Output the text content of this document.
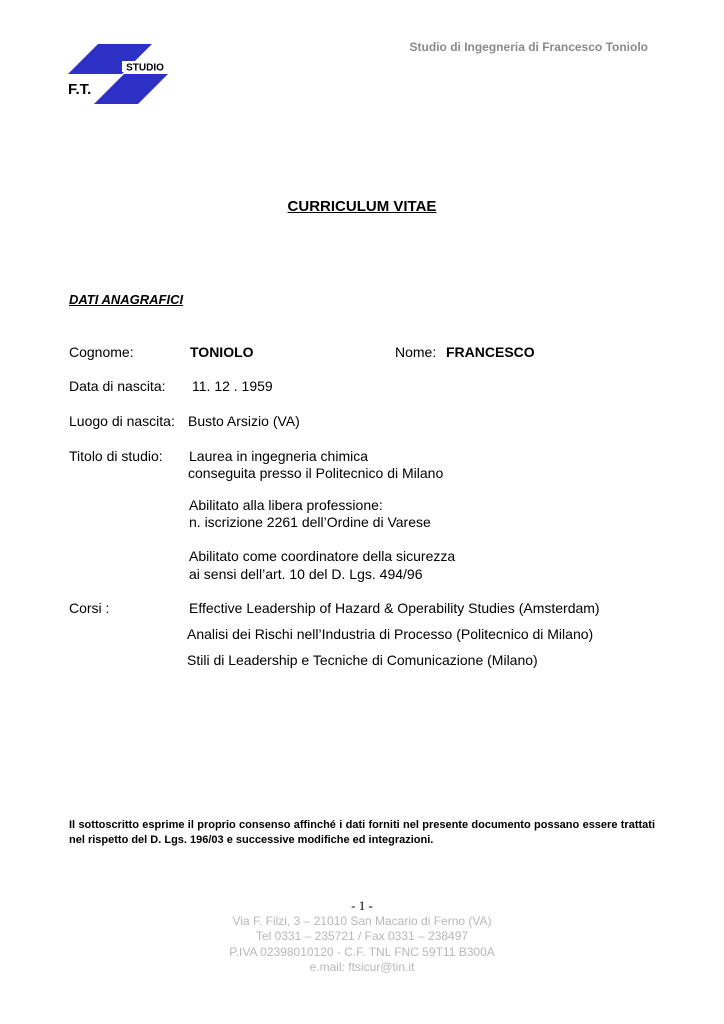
Studio di Ingegneria di Francesco Toniolo
STUDIO
F.T.
CURRICULUM VITAE
DATI ANAGRAFICI
Cognome:	TONIOLO	Nome: FRANCESCO
Data di nascita: 11. 12 . 1959
Luogo di nascita: Busto Arsizio (VA)
Titolo di studio: Laurea in ingegneria chimica
conseguita presso il Politecnico di Milano
Abilitato alla libera professione:
n. iscrizione 2261 dell’Ordine di Varese
Abilitato come coordinatore della sicurezza
ai sensi dell’art. 10 del D. Lgs. 494/96
Corsi :	Effective Leadership of Hazard & Operability Studies (Amsterdam)
Analisi dei Rischi nell’Industria di Processo (Politecnico di Milano)
Stili di Leadership e Tecniche di Comunicazione (Milano)
Il sottoscritto esprime il proprio consenso affinché i dati forniti nel presente documento possano essere trattati nel rispetto del D. Lgs. 196/03 e successive modifiche ed integrazioni.
- 1 -
Via F. Filzi, 3 – 21010 San Macario di Ferno (VA)
Tel 0331 – 235721 / Fax 0331 – 238497
P.IVA 02398010120 - C.F. TNL FNC 59T11 B300A
e.mail: ftsicur@tin.it
